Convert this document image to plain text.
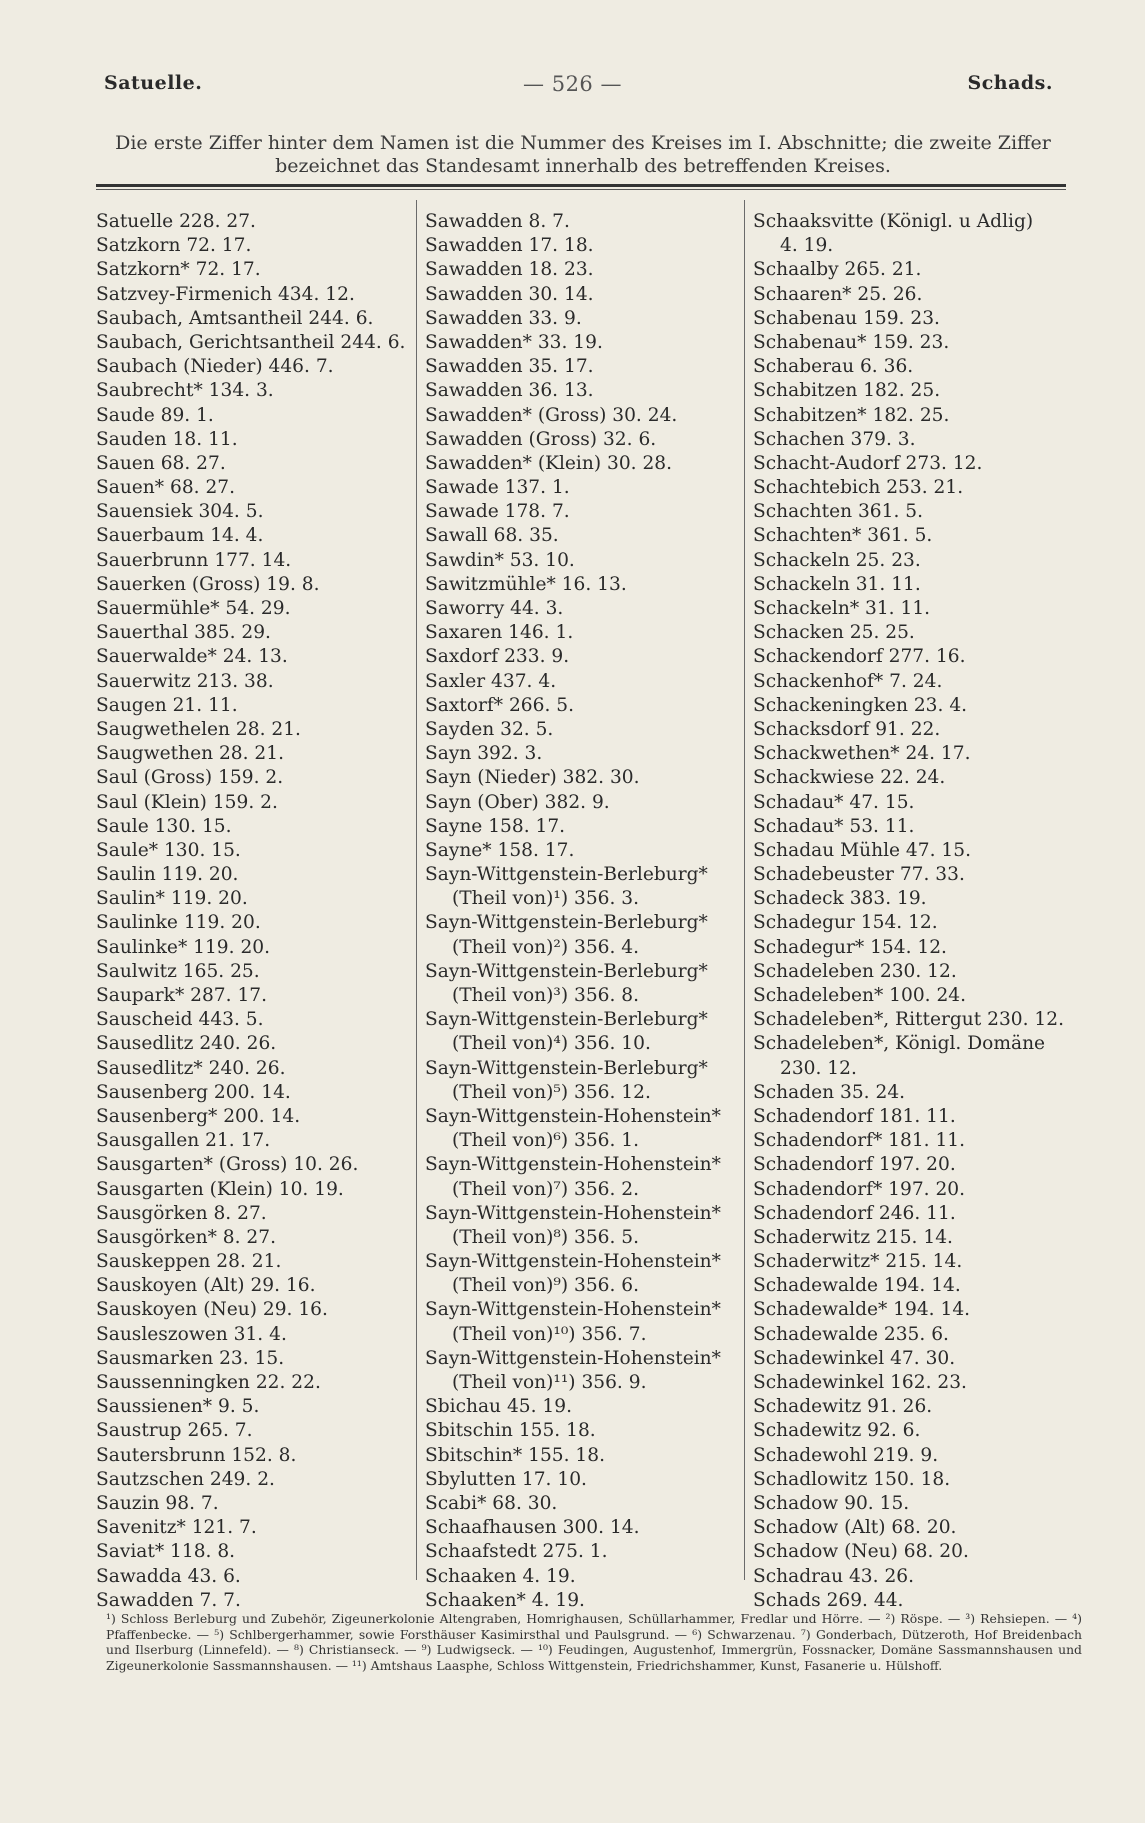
Satuelle.	— 526 —	Schads.
Die erste Ziffer hinter dem Namen ist die Nummer des Kreises im I. Abschnitte; die zweite Ziffer bezeichnet das Standesamt innerhalb des betreffenden Kreises.
Satuelle 228. 27.
Satzkorn 72. 17.
Satzkorn* 72. 17.
Satzvey-Firmenich 434. 12.
Saubach, Amtsantheil 244. 6.
Saubach, Gerichtsantheil 244. 6.
Saubach (Nieder) 446. 7.
Saubrecht* 134. 3.
Saude 89. 1.
Sauden 18. 11.
Sauen 68. 27.
Sauen* 68. 27.
Sauensiek 304. 5.
Sauerbaum 14. 4.
Sauerbrunn 177. 14.
Sauerken (Gross) 19. 8.
Sauermühle* 54. 29.
Sauerthal 385. 29.
Sauerwalde* 24. 13.
Sauerwitz 213. 38.
Saugen 21. 11.
Saugwethelen 28. 21.
Saugwethen 28. 21.
Saul (Gross) 159. 2.
Saul (Klein) 159. 2.
Saule 130. 15.
Saule* 130. 15.
Saulin 119. 20.
Saulin* 119. 20.
Saulinke 119. 20.
Saulinke* 119. 20.
Saulwitz 165. 25.
Saupark* 287. 17.
Sauscheid 443. 5.
Sausedlitz 240. 26.
Sausedlitz* 240. 26.
Sausenberg 200. 14.
Sausenberg* 200. 14.
Sausgallen 21. 17.
Sausgarten* (Gross) 10. 26.
Sausgarten (Klein) 10. 19.
Sausgörken 8. 27.
Sausgörken* 8. 27.
Sauskeppen 28. 21.
Sauskoyen (Alt) 29. 16.
Sauskoyen (Neu) 29. 16.
Sausleszowen 31. 4.
Sausmarken 23. 15.
Saussenningken 22. 22.
Saussienen* 9. 5.
Saustrup 265. 7.
Sautersbrunn 152. 8.
Sautzschen 249. 2.
Sauzin 98. 7.
Savenitz* 121. 7.
Saviat* 118. 8.
Sawadda 43. 6.
Sawadden 7. 7.
Sawadden 8. 7.
Sawadden 17. 18.
Sawadden 18. 23.
Sawadden 30. 14.
Sawadden 33. 9.
Sawadden* 33. 19.
Sawadden 35. 17.
Sawadden 36. 13.
Sawadden* (Gross) 30. 24.
Sawadden (Gross) 32. 6.
Sawadden* (Klein) 30. 28.
Sawade 137. 1.
Sawade 178. 7.
Sawall 68. 35.
Sawdin* 53. 10.
Sawitzmühle* 16. 13.
Saworry 44. 3.
Saxaren 146. 1.
Saxdorf 233. 9.
Saxler 437. 4.
Saxtorf* 266. 5.
Sayden 32. 5.
Sayn 392. 3.
Sayn (Nieder) 382. 30.
Sayn (Ober) 382. 9.
Sayne 158. 17.
Sayne* 158. 17.
Sayn-Wittgenstein-Berleburg*
(Theil von)¹) 356. 3.
Sayn-Wittgenstein-Berleburg*
(Theil von)²) 356. 4.
Sayn-Wittgenstein-Berleburg*
(Theil von)³) 356. 8.
Sayn-Wittgenstein-Berleburg*
(Theil von)⁴) 356. 10.
Sayn-Wittgenstein-Berleburg*
(Theil von)⁵) 356. 12.
Sayn-Wittgenstein-Hohenstein*
(Theil von)⁶) 356. 1.
Sayn-Wittgenstein-Hohenstein*
(Theil von)⁷) 356. 2.
Sayn-Wittgenstein-Hohenstein*
(Theil von)⁸) 356. 5.
Sayn-Wittgenstein-Hohenstein*
(Theil von)⁹) 356. 6.
Sayn-Wittgenstein-Hohenstein*
(Theil von)¹⁰) 356. 7.
Sayn-Wittgenstein-Hohenstein*
(Theil von)¹¹) 356. 9.
Sbichau 45. 19.
Sbitschin 155. 18.
Sbitschin* 155. 18.
Sbylutten 17. 10.
Scabi* 68. 30.
Schaafhausen 300. 14.
Schaafstedt 275. 1.
Schaaken 4. 19.
Schaaken* 4. 19.
Schaaksvitte (Königl. u Adlig)
4. 19.
Schaalby 265. 21.
Schaaren* 25. 26.
Schabenau 159. 23.
Schabenau* 159. 23.
Schaberau 6. 36.
Schabitzen 182. 25.
Schabitzen* 182. 25.
Schachen 379. 3.
Schacht-Audorf 273. 12.
Schachtebich 253. 21.
Schachten 361. 5.
Schachten* 361. 5.
Schackeln 25. 23.
Schackeln 31. 11.
Schackeln* 31. 11.
Schacken 25. 25.
Schackendorf 277. 16.
Schackenhof* 7. 24.
Schackeningken 23. 4.
Schacksdorf 91. 22.
Schackwethen* 24. 17.
Schackwiese 22. 24.
Schadau* 47. 15.
Schadau* 53. 11.
Schadau Mühle 47. 15.
Schadebeuster 77. 33.
Schadeck 383. 19.
Schadegur 154. 12.
Schadegur* 154. 12.
Schadeleben 230. 12.
Schadeleben* 100. 24.
Schadeleben*, Rittergut 230. 12.
Schadeleben*, Königl. Domäne
230. 12.
Schaden 35. 24.
Schadendorf 181. 11.
Schadendorf* 181. 11.
Schadendorf 197. 20.
Schadendorf* 197. 20.
Schadendorf 246. 11.
Schaderwitz 215. 14.
Schaderwitz* 215. 14.
Schadewalde 194. 14.
Schadewalde* 194. 14.
Schadewalde 235. 6.
Schadewinkel 47. 30.
Schadewinkel 162. 23.
Schadewitz 91. 26.
Schadewitz 92. 6.
Schadewohl 219. 9.
Schadlowitz 150. 18.
Schadow 90. 15.
Schadow (Alt) 68. 20.
Schadow (Neu) 68. 20.
Schadrau 43. 26.
Schads 269. 44.
¹) Schloss Berleburg und Zubehör, Zigeunerkolonie Altengraben, Homrighausen, Schüllarhammer, Fredlar und Hörre. — ²) Röspe. — ³) Rehsiepen. — ⁴) Pfaffenbecke. — ⁵) Schlbergerhammer, sowie Forsthäuser Kasimirsthal und Paulsgrund. — ⁶) Schwarzenau. ⁷) Gonderbach, Dützeroth, Hof Breidenbach und Ilserburg (Linnefeld). — ⁸) Christianseck. — ⁹) Ludwigseck. — ¹⁰) Feudingen, Augustenhof, Immergrün, Fossnacker, Domäne Sassmannshausen und Zigeunerkolonie Sassmannshausen. — ¹¹) Amtshaus Laasphe, Schloss Wittgenstein, Friedrichshammer, Kunst, Fasanerie u. Hülshoff.
